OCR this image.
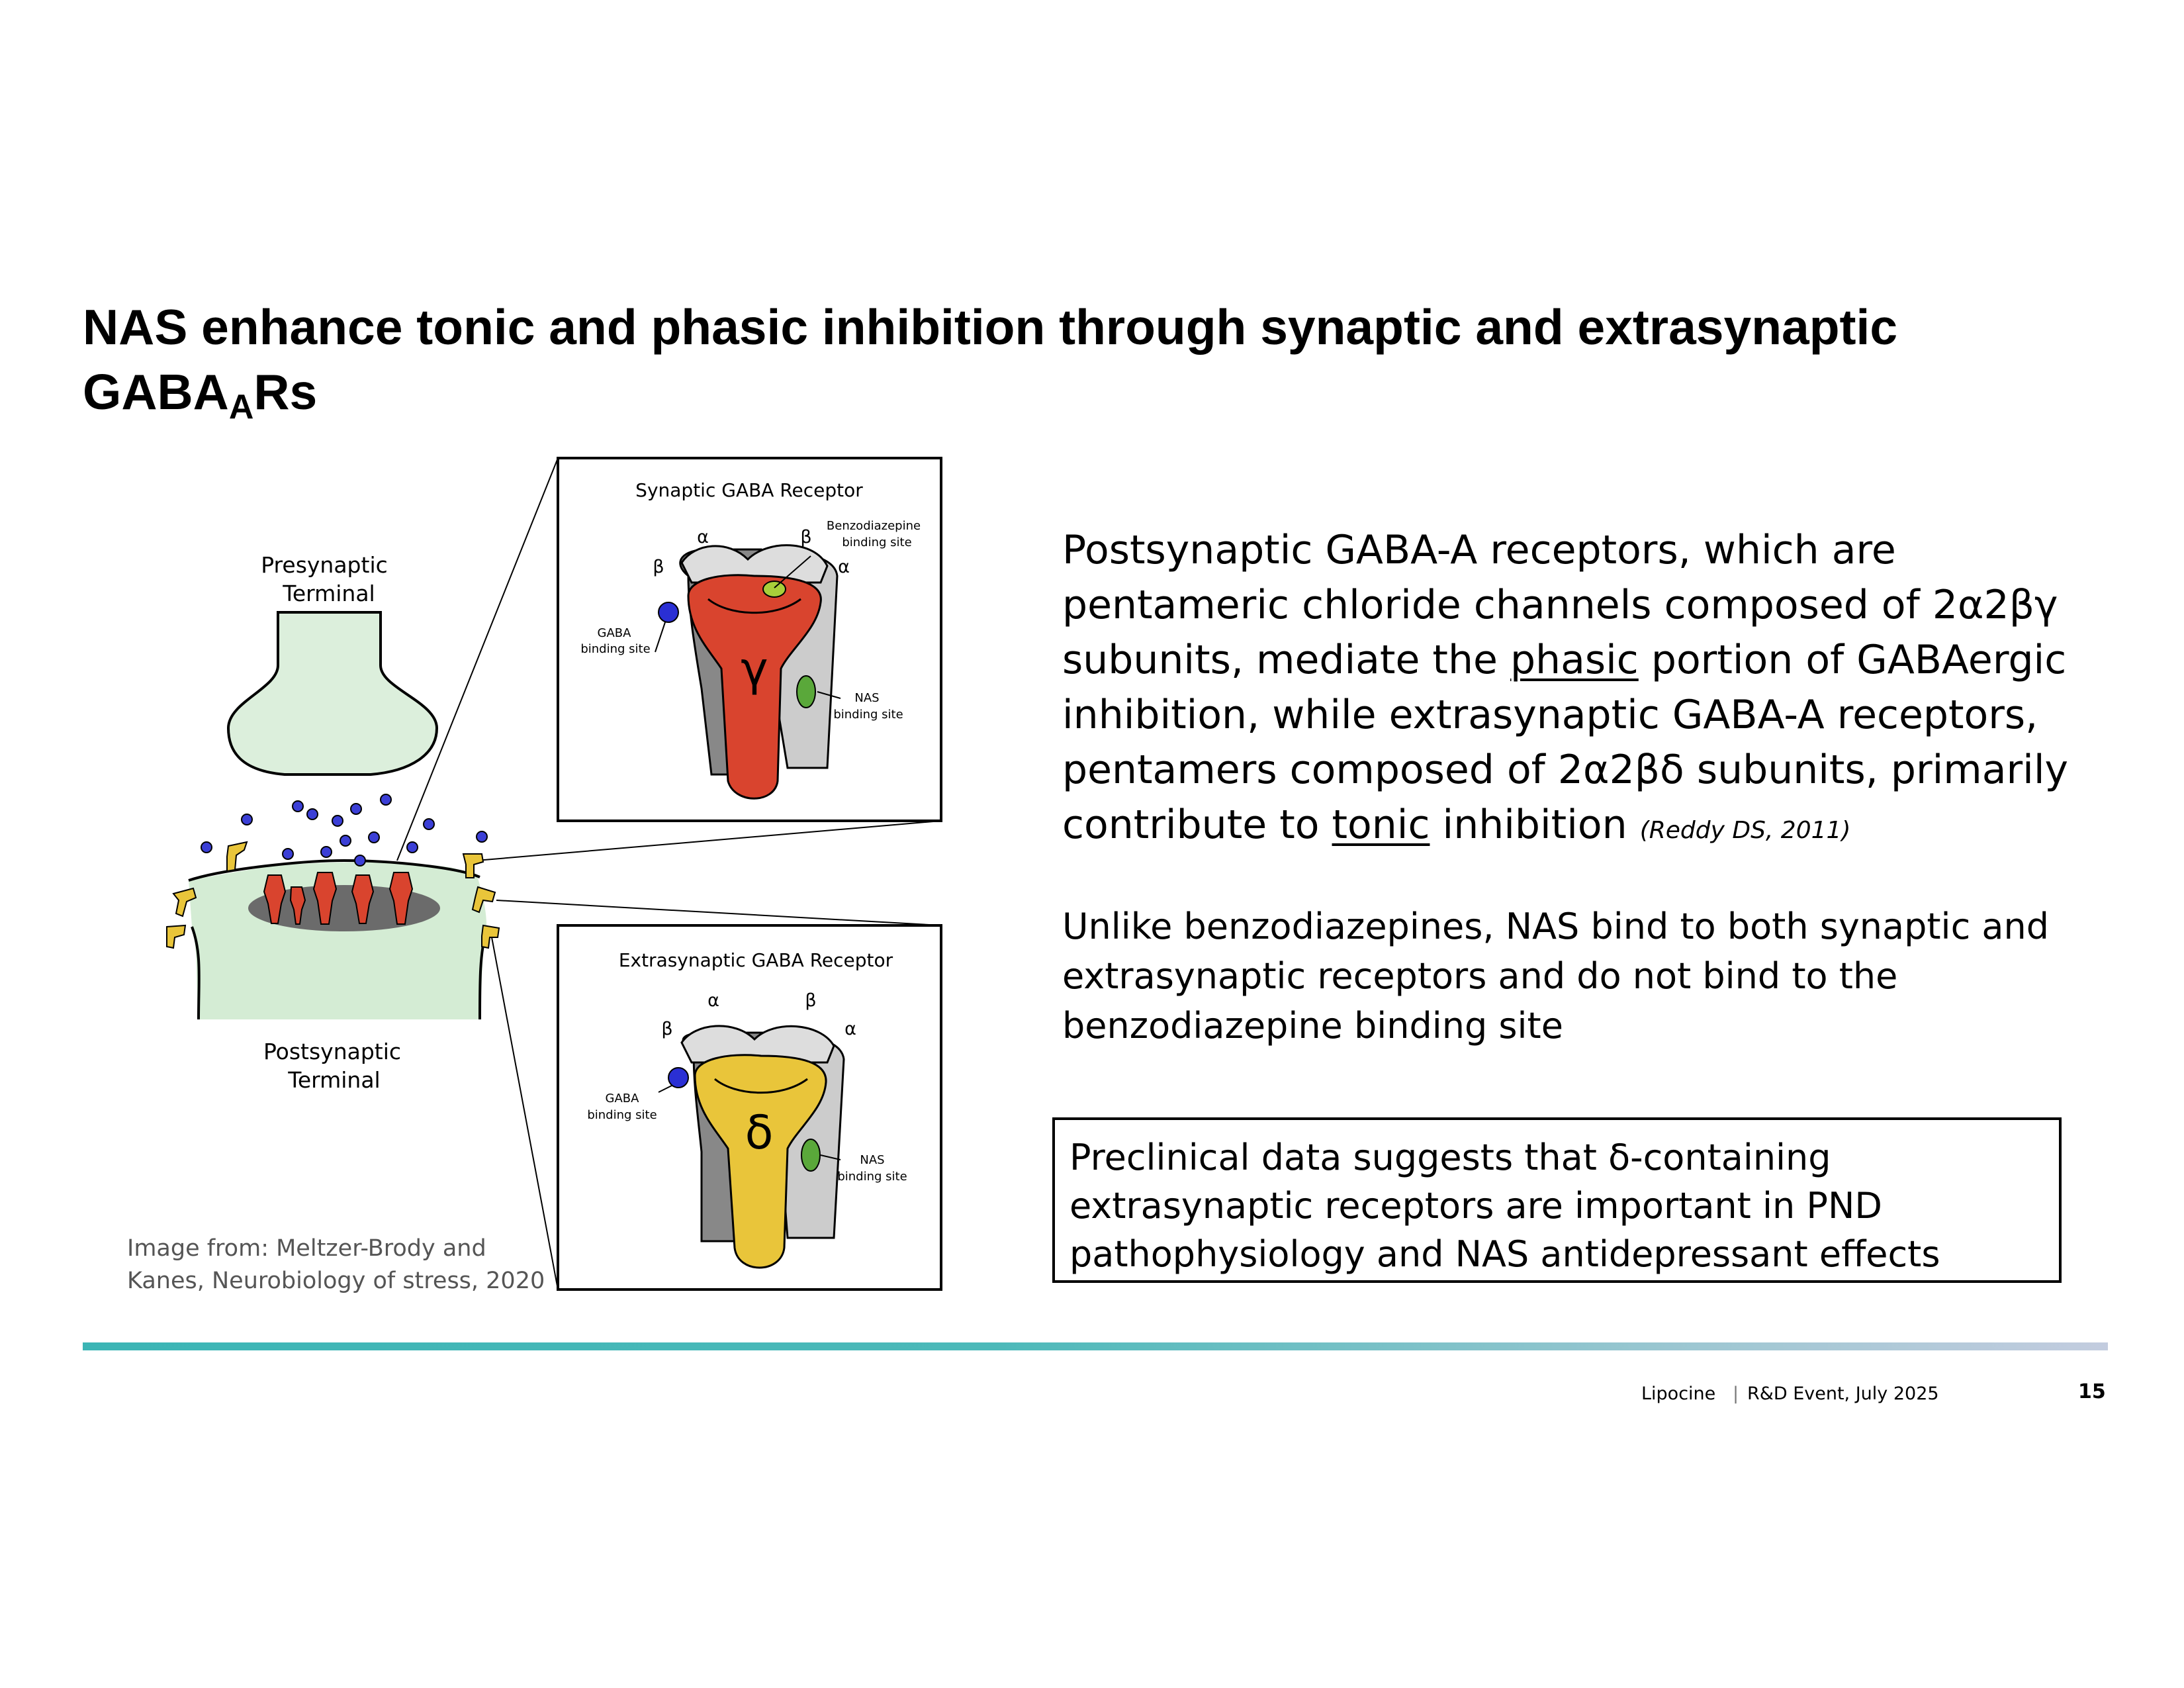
NAS enhance tonic and phasic inhibition through synaptic and extrasynaptic $GABA_ARs$
Presynaptic
Terminal
Postsynaptic
Terminal
Synaptic GABA Receptor
γ
α
β
β
α
Benzodiazepine
binding site
GABA
binding site
NAS
binding site
Extrasynaptic GABA Receptor
δ
α
β
β
α
GABA
binding site
NAS
binding site
Image from: Meltzer-Brody and Kanes, Neurobiology of stress, 2020
Postsynaptic GABA-A receptors, which are pentameric chloride channels composed of 2α2βγ subunits, mediate the phasic portion of GABAergic inhibition, while extrasynaptic GABA-A receptors, pentamers composed of 2α2βδ subunits, primarily contribute to tonic inhibition (Reddy DS, 2011)
Unlike benzodiazepines, NAS bind to both synaptic and extrasynaptic receptors and do not bind to the benzodiazepine binding site
Preclinical data suggests that δ-containing extrasynaptic receptors are important in PND pathophysiology and NAS antidepressant effects
Lipocine | R&D Event, July 2025	15
